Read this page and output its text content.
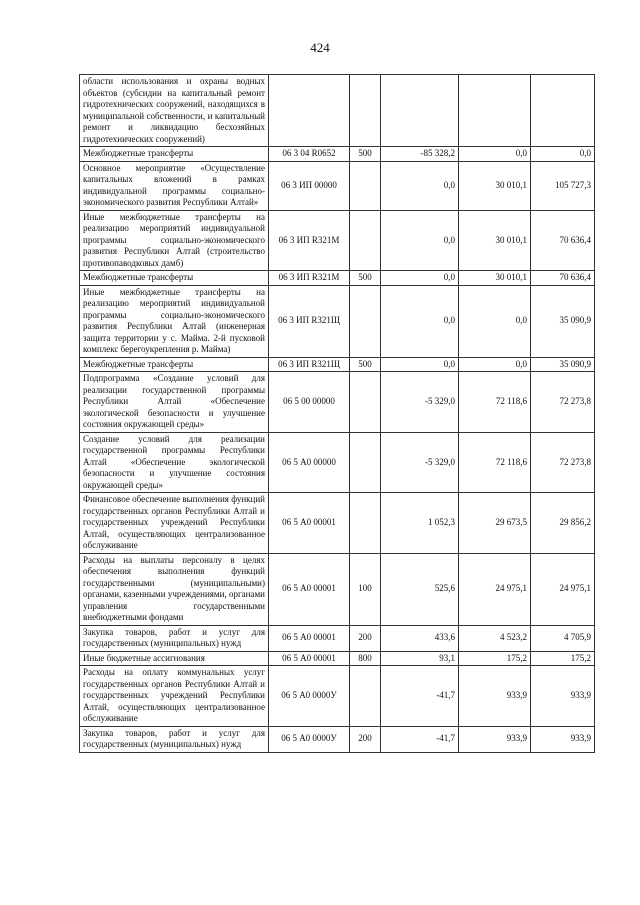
424
области использования и охраны водных объектов (субсидии на капитальный ремонт гидротехнических сооружений, находящихся в муниципальной собственности, и капитальный ремонт и ликвидацию бесхозяйных гидротехнических сооружений)					
Межбюджетные трансферты	06 3 04 R0652	500	-85 328,2	0,0	0,0
Основное мероприятие «Осуществление капитальных вложений в рамках индивидуальной программы социально-экономического развития Республики Алтай»	06 3 ИП 00000		0,0	30 010,1	105 727,3
Иные межбюджетные трансферты на реализацию мероприятий индивидуальной программы социально-экономического развития Республики Алтай (строительство противопаводковых дамб)	06 3 ИП R321М		0,0	30 010,1	70 636,4
Межбюджетные трансферты	06 3 ИП R321М	500	0,0	30 010,1	70 636,4
Иные межбюджетные трансферты на реализацию мероприятий индивидуальной программы социально-экономического развития Республики Алтай (инженерная защита территории у с. Майма. 2-й пусковой комплекс берегоукрепления р. Майма)	06 3 ИП R321Щ		0,0	0,0	35 090,9
Межбюджетные трансферты	06 3 ИП R321Щ	500	0,0	0,0	35 090,9
Подпрограмма «Создание условий для реализации государственной программы Республики Алтай «Обеспечение экологической безопасности и улучшение состояния окружающей среды»	06 5 00 00000		-5 329,0	72 118,6	72 273,8
Создание условий для реализации государственной программы Республики Алтай «Обеспечение экологической безопасности и улучшение состояния окружающей среды»	06 5 А0 00000		-5 329,0	72 118,6	72 273,8
Финансовое обеспечение выполнения функций государственных органов Республики Алтай и государственных учреждений Республики Алтай, осуществляющих централизованное обслуживание	06 5 А0 00001		1 052,3	29 673,5	29 856,2
Расходы на выплаты персоналу в целях обеспечения выполнения функций государственными (муниципальными) органами, казенными учреждениями, органами управления государственными внебюджетными фондами	06 5 А0 00001	100	525,6	24 975,1	24 975,1
Закупка товаров, работ и услуг для государственных (муниципальных) нужд	06 5 А0 00001	200	433,6	4 523,2	4 705,9
Иные бюджетные ассигнования	06 5 А0 00001	800	93,1	175,2	175,2
Расходы на оплату коммунальных услуг государственных органов Республики Алтай и государственных учреждений Республики Алтай, осуществляющих централизованное обслуживание	06 5 А0 0000У		-41,7	933,9	933,9
Закупка товаров, работ и услуг для государственных (муниципальных) нужд	06 5 А0 0000У	200	-41,7	933,9	933,9
